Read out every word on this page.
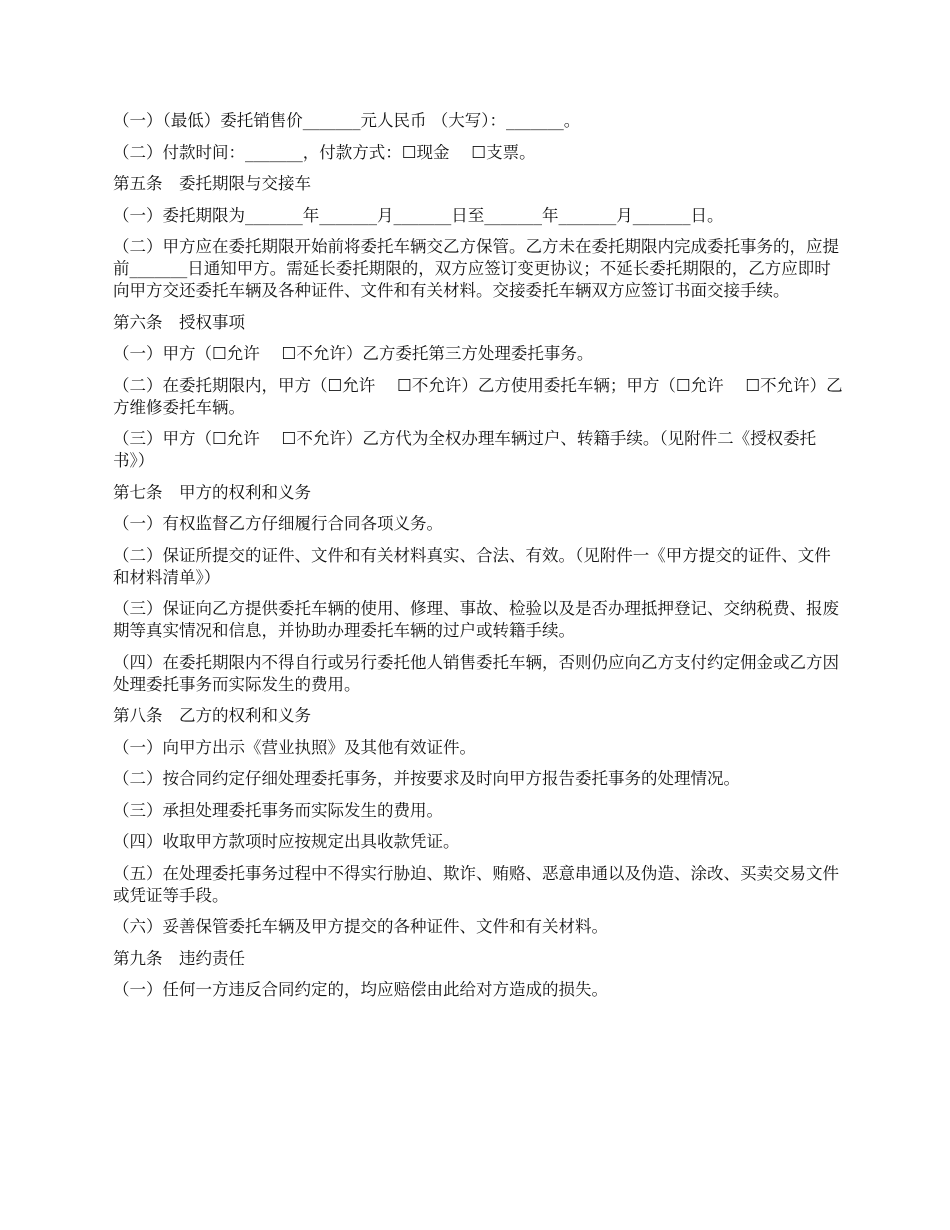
（一）（最低）委托销售价_______元人民币 （大写）：_______。

（二）付款时间：_______，付款方式：☐现金　 ☐支票。

第五条　委托期限与交接车

（一）委托期限为_______年_______月_______日至_______年_______月_______日。

（二）甲方应在委托期限开始前将委托车辆交乙方保管。乙方未在委托期限内完成委托事务的，应提前_______日通知甲方。需延长委托期限的，双方应签订变更协议；不延长委托期限的，乙方应即时向甲方交还委托车辆及各种证件、文件和有关材料。交接委托车辆双方应签订书面交接手续。

第六条　授权事项

（一）甲方（☐允许　 ☐不允许）乙方委托第三方处理委托事务。

（二）在委托期限内，甲方（☐允许　 ☐不允许）乙方使用委托车辆；甲方（☐允许　 ☐不允许）乙方维修委托车辆。

（三）甲方（☐允许　 ☐不允许）乙方代为全权办理车辆过户、转籍手续。（见附件二《授权委托书》）

第七条　甲方的权利和义务

（一）有权监督乙方仔细履行合同各项义务。

（二）保证所提交的证件、文件和有关材料真实、合法、有效。（见附件一《甲方提交的证件、文件和材料清单》）

（三）保证向乙方提供委托车辆的使用、修理、事故、检验以及是否办理抵押登记、交纳税费、报废期等真实情况和信息，并协助办理委托车辆的过户或转籍手续。

（四）在委托期限内不得自行或另行委托他人销售委托车辆，否则仍应向乙方支付约定佣金或乙方因处理委托事务而实际发生的费用。

第八条　乙方的权利和义务

（一）向甲方出示《营业执照》及其他有效证件。

（二）按合同约定仔细处理委托事务，并按要求及时向甲方报告委托事务的处理情况。

（三）承担处理委托事务而实际发生的费用。

（四）收取甲方款项时应按规定出具收款凭证。

（五）在处理委托事务过程中不得实行胁迫、欺诈、贿赂、恶意串通以及伪造、涂改、买卖交易文件或凭证等手段。

（六）妥善保管委托车辆及甲方提交的各种证件、文件和有关材料。

第九条　违约责任

（一）任何一方违反合同约定的，均应赔偿由此给对方造成的损失。
